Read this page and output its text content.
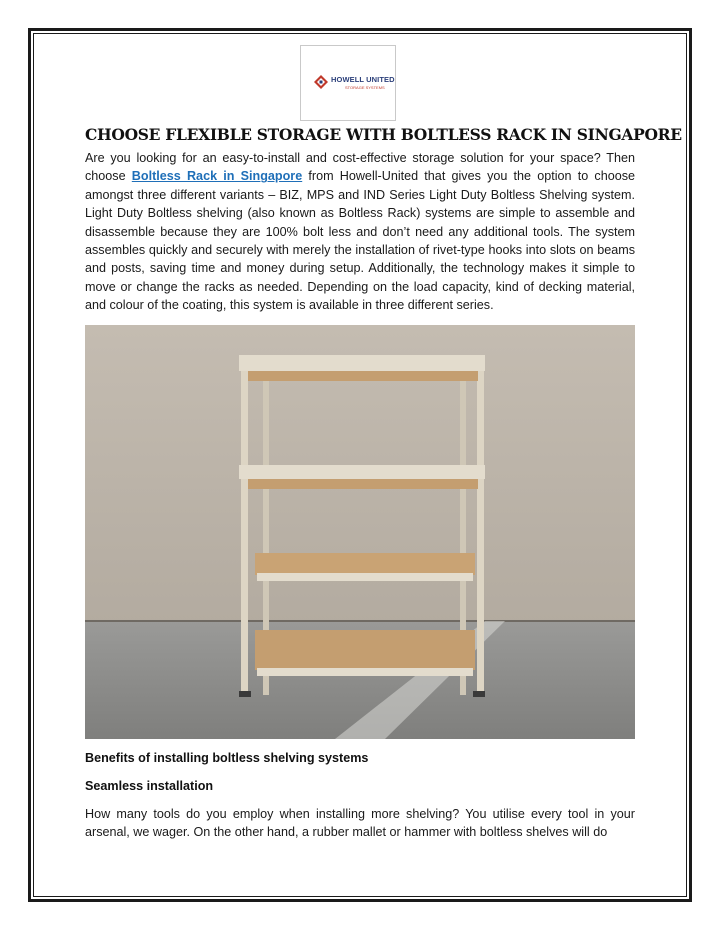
HOWELL UNITED
STORAGE SYSTEMS
CHOOSE FLEXIBLE STORAGE WITH BOLTLESS RACK IN SINGAPORE

Are you looking for an easy-to-install and cost-effective storage solution for your space? Then choose Boltless Rack in Singapore from Howell-United that gives you the option to choose amongst three different variants – BIZ, MPS and IND Series Light Duty Boltless Shelving system. Light Duty Boltless shelving (also known as Boltless Rack) systems are simple to assemble and disassemble because they are 100% bolt less and don’t need any additional tools. The system assembles quickly and securely with merely the installation of rivet-type hooks into slots on beams and posts, saving time and money during setup. Additionally, the technology makes it simple to move or change the racks as needed. Depending on the load capacity, kind of decking material, and colour of the coating, this system is available in three different series.

Benefits of installing boltless shelving systems

Seamless installation

How many tools do you employ when installing more shelving? You utilise every tool in your arsenal, we wager. On the other hand, a rubber mallet or hammer with boltless shelves will do
